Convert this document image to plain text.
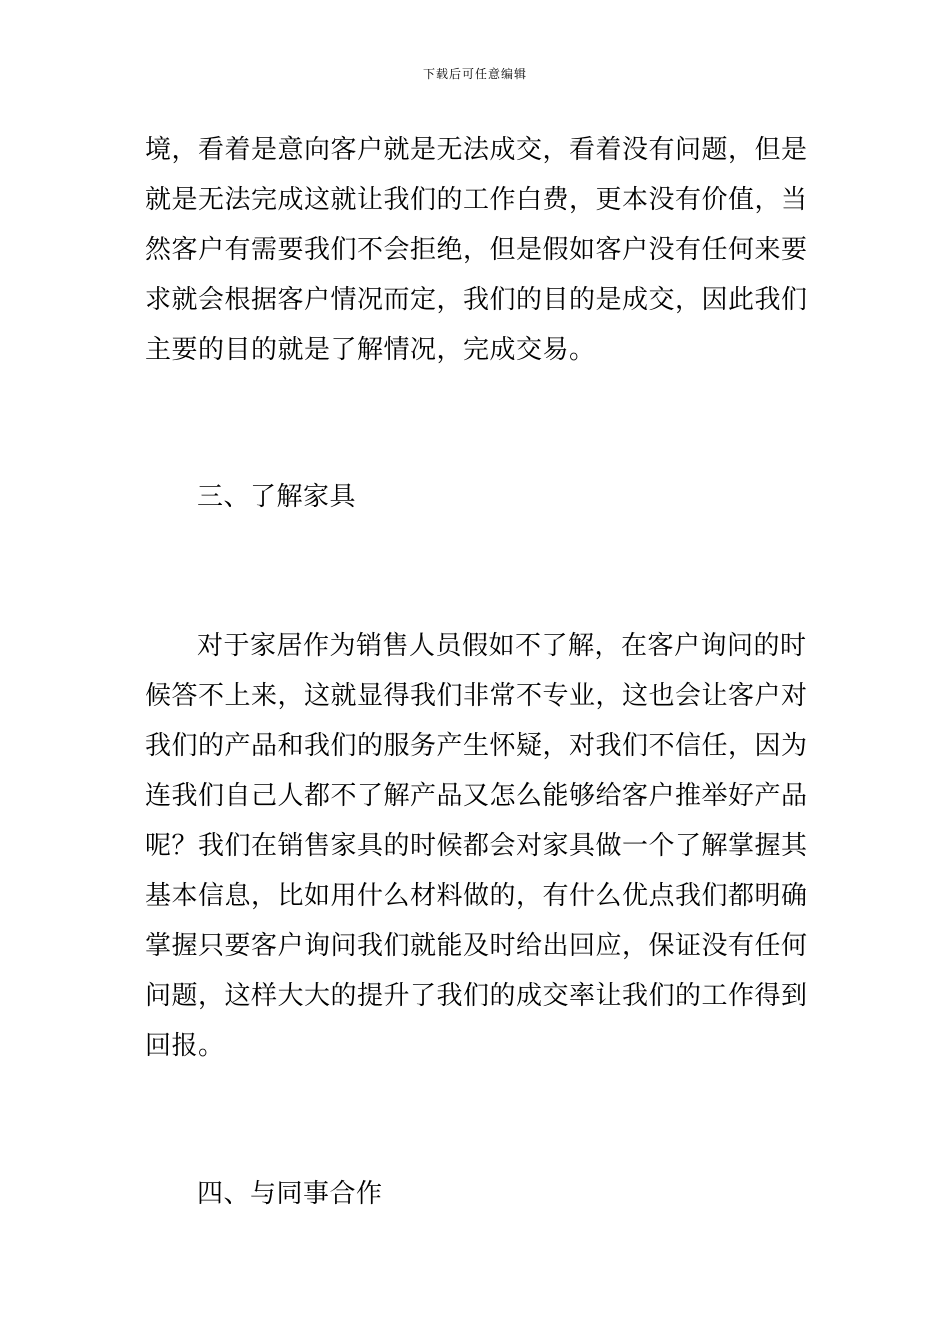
下载后可任意编辑
境，看着是意向客户就是无法成交，看着没有问题，但是
就是无法完成这就让我们的工作白费，更本没有价值，当
然客户有需要我们不会拒绝，但是假如客户没有任何来要
求就会根据客户情况而定，我们的目的是成交，因此我们
主要的目的就是了解情况，完成交易。
三、了解家具
对于家居作为销售人员假如不了解，在客户询问的时
候答不上来，这就显得我们非常不专业，这也会让客户对
我们的产品和我们的服务产生怀疑，对我们不信任，因为
连我们自己人都不了解产品又怎么能够给客户推举好产品
呢？我们在销售家具的时候都会对家具做一个了解掌握其
基本信息，比如用什么材料做的，有什么优点我们都明确
掌握只要客户询问我们就能及时给出回应，保证没有任何
问题，这样大大的提升了我们的成交率让我们的工作得到
回报。
四、与同事合作
